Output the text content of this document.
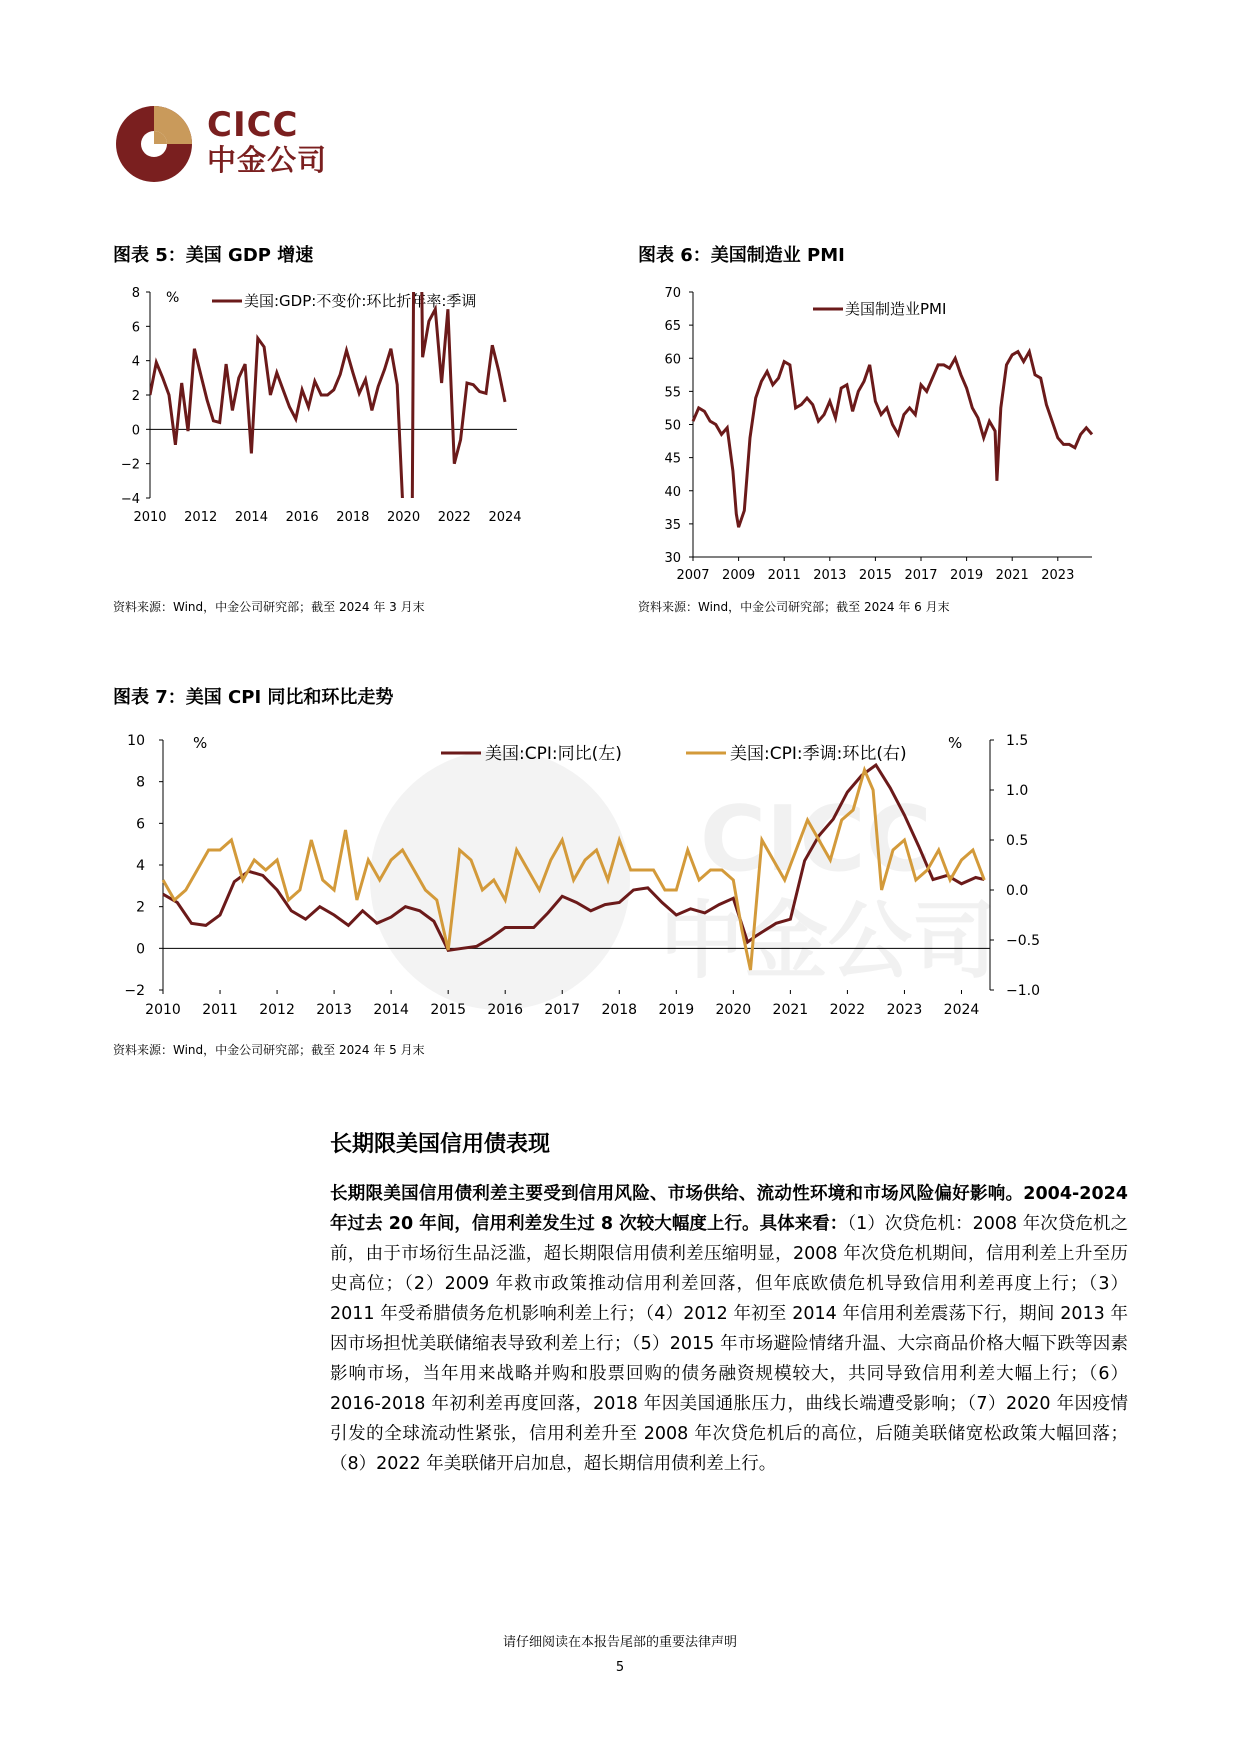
CICC
中金公司
图表 5：美国 GDP 增速	图表 6：美国制造业 PMI
图表 7：美国 CPI 同比和环比走势
−4
−2
0
2
4
6
8
2010 2012 2014 2016 2018 2020 2022 2024
%	美国:GDP:不变价:环比折年率:季调
30
35
40
45
50
55
60
65
70
2007 2009 2011 2013 2015 2017 2019 2021 2023
美国制造业PMI
CICC
中金公司
−2
0
2
4
6
8
10
−1.0
−0.5
0.0
0.5
1.0
1.5
2010 2011 2012 2013 2014 2015 2016 2017 2018 2019 2020 2021 2022 2023 2024
%	%
美国:CPI:同比(左)	美国:CPI:季调:环比(右)
资料来源：Wind，中金公司研究部；截至 2024 年 3 月末	资料来源：Wind，中金公司研究部；截至 2024 年 6 月末
资料来源：Wind，中金公司研究部；截至 2024 年 5 月末
长期限美国信用债表现
长期限美国信用债利差主要受到信用风险、市场供给、流动性环境和市场风险偏好影响。2004-2024 年过去 20 年间，信用利差发生过 8 次较大幅度上行。具体来看：（1）次贷危机：2008 年次贷危机之前，由于市场衍生品泛滥，超长期限信用债利差压缩明显，2008 年次贷危机期间，信用利差上升至历史高位；（2）2009 年救市政策推动信用利差回落，但年底欧债危机导致信用利差再度上行；（3）2011 年受希腊债务危机影响利差上行；（4）2012 年初至 2014 年信用利差震荡下行，期间 2013 年因市场担忧美联储缩表导致利差上行；（5）2015 年市场避险情绪升温、大宗商品价格大幅下跌等因素影响市场，当年用来战略并购和股票回购的债务融资规模较大，共同导致信用利差大幅上行；（6）2016-2018 年初利差再度回落，2018 年因美国通胀压力，曲线长端遭受影响；（7）2020 年因疫情引发的全球流动性紧张，信用利差升至 2008 年次贷危机后的高位，后随美联储宽松政策大幅回落；（8）2022 年美联储开启加息，超长期信用债利差上行。
请仔细阅读在本报告尾部的重要法律声明
5
